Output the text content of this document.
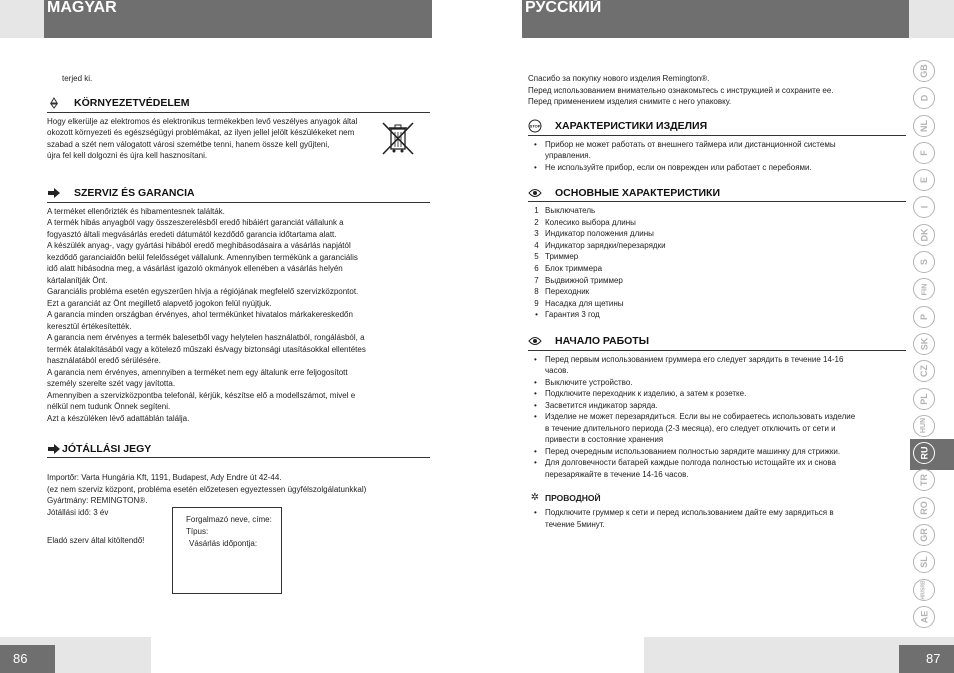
MAGYAR	РУССКИЙ
86	87
terjed ki.
KÖRNYEZETVÉDELEM
Hogy elkerülje az elektromos és elektronikus termékekben levő veszélyes anyagok által
okozott környezeti és egészségügyi problémákat, az ilyen jellel jelölt készülékeket nem
szabad a szét nem válogatott városi szemétbe tenni, hanem össze kell gyűjteni,
újra fel kell dolgozni és újra kell hasznosítani.
SZERVIZ ÉS GARANCIA
A terméket ellenőrizték és hibamentesnek találták.
A termék hibás anyagból vagy összeszerelésből eredő hibáiért garanciát vállalunk a
fogyasztó általi megvásárlás eredeti dátumától kezdődő garancia időtartama alatt.
A készülék anyag-, vagy gyártási hibából eredő meghibásodásaira a vásárlás napjától
kezdődő garanciaidőn belül felelősséget vállalunk. Amennyiben termékünk a garanciális
idő alatt hibásodna meg, a vásárlást igazoló okmányok ellenében a vásárlás helyén
kártalanítják Önt.
Garanciális probléma esetén egyszerűen hívja a régiójának megfelelő szervizközpontot.
Ezt a garanciát az Önt megillető alapvető jogokon felül nyújtjuk.
A garancia minden országban érvényes, ahol termékünket hivatalos márkakereskedőn
keresztül értékesítették.
A garancia nem érvényes a termék balesetből vagy helytelen használatból, rongálásból, a
termék átalakításából vagy a kötelező műszaki és/vagy biztonsági utasításokkal ellentétes
használatából eredő sérülésére.
A garancia nem érvényes, amennyiben a terméket nem egy általunk erre feljogosított
személy szerelte szét vagy javította.
Amennyiben a szervizközpontba telefonál, kérjük, készítse elő a modellszámot, mivel e
nélkül nem tudunk Önnek segíteni.
Azt a készüléken lévő adattáblán találja.
JÓTÁLLÁSI JEGY
Importőr: Varta Hungária Kft, 1191, Budapest, Ady Endre út 42-44.
(ez nem szerviz központ, probléma esetén előzetesen egyeztessen ügyfélszolgálatunkkal)
Gyártmány: REMINGTON®.
Jótállási idő: 3 év
Eladó szerv által kitöltendő!
Forgalmazó neve, címe:
Típus:
Vásárlás időpontja:
Спасибо за покупку нового изделия Remington®.
Перед использованием внимательно ознакомьтесь с инструкцией и сохраните ее.
Перед применением изделия снимите с него упаковку.
STOP ХАРАКТЕРИСТИКИ ИЗДЕЛИЯ
• Прибор не может работать от внешнего таймера или дистанционной системы
управления.
• Не используйте прибор, если он поврежден или работает с перебоями.
ОСНОВНЫЕ ХАРАКТЕРИСТИКИ
1 Выключатель
2 Колесико выбора длины
3 Индикатор положения длины
4 Индикатор зарядки/перезарядки
5 Триммер
6 Блок триммера
7 Выдвижной триммер
8 Переходник
9 Насадка для щетины
• Гарантия 3 год
НАЧАЛО РАБОТЫ
• Перед первым использованием груммера его следует зарядить в течение 14-16
часов.
• Выключите устройство.
• Подключите переходник к изделию, а затем к розетке.
• Засветится индикатор заряда.
• Изделие не может перезарядиться. Если вы не собираетесь использовать изделие
в течение длительного периода (2-3 месяца), его следует отключить от сети и
привести в состояние хранения
• Перед очередным использованием полностью зарядите машинку для стрижки.
• Для долговечности батарей каждые полгода полностью истощайте их и снова
перезаряжайте в течение 14-16 часов.
✲ ПРОВОДНОЙ
• Подключите груммер к сети и перед использованием дайте ему зарядиться в
течение 5минут.
GB
D
NL
F
E
I
DK
S
FIN
P
SK
CZ
PL
HUN
RU
TR
RO
GR
SL
HR/SRB
AE
